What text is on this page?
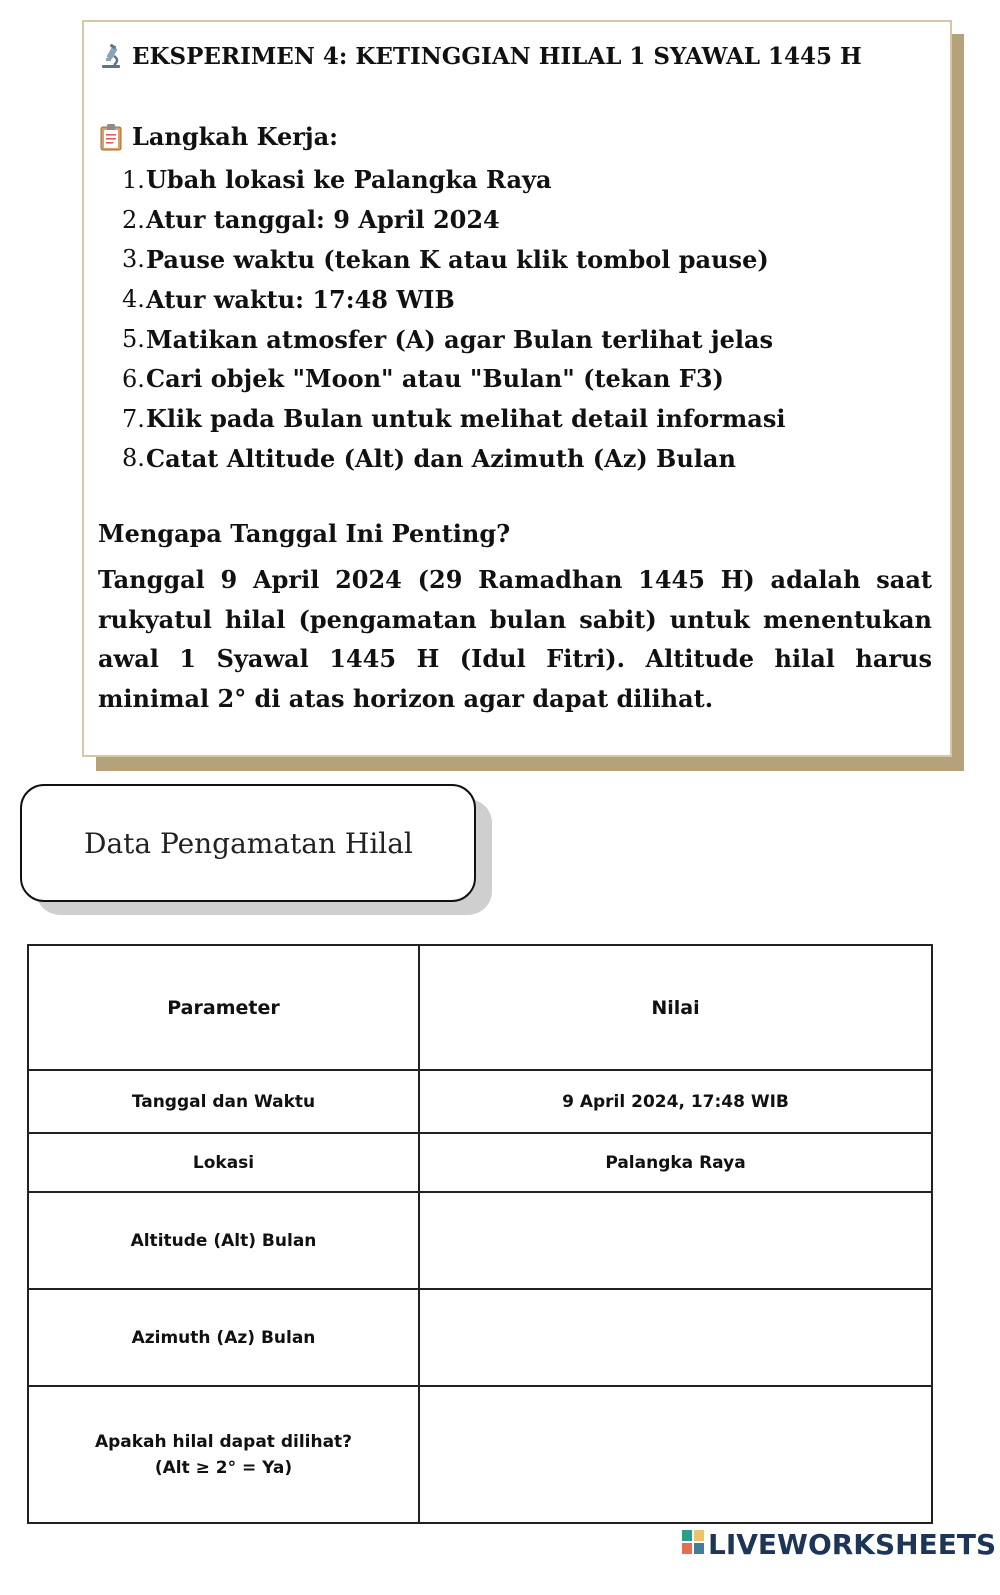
EKSPERIMEN 4: KETINGGIAN HILAL 1 SYAWAL 1445 H
Langkah Kerja:
1. Ubah lokasi ke Palangka Raya
2. Atur tanggal: 9 April 2024
3. Pause waktu (tekan K atau klik tombol pause)
4. Atur waktu: 17:48 WIB
5. Matikan atmosfer (A) agar Bulan terlihat jelas
6. Cari objek "Moon" atau "Bulan" (tekan F3)
7. Klik pada Bulan untuk melihat detail informasi
8. Catat Altitude (Alt) dan Azimuth (Az) Bulan
Mengapa Tanggal Ini Penting?

Tanggal 9 April 2024 (29 Ramadhan 1445 H) adalah saat rukyatul hilal (pengamatan bulan sabit) untuk menentukan awal 1 Syawal 1445 H (Idul Fitri). Altitude hilal harus minimal 2° di atas horizon agar dapat dilihat.

Data Pengamatan Hilal
Parameter	Nilai
Tanggal dan Waktu	9 April 2024, 17:48 WIB
Lokasi	Palangka Raya
Altitude (Alt) Bulan	
Azimuth (Az) Bulan	

Apakah hilal dapat dilihat?
(Alt ≥ 2° = Ya)	

LIVEWORKSHEETS
